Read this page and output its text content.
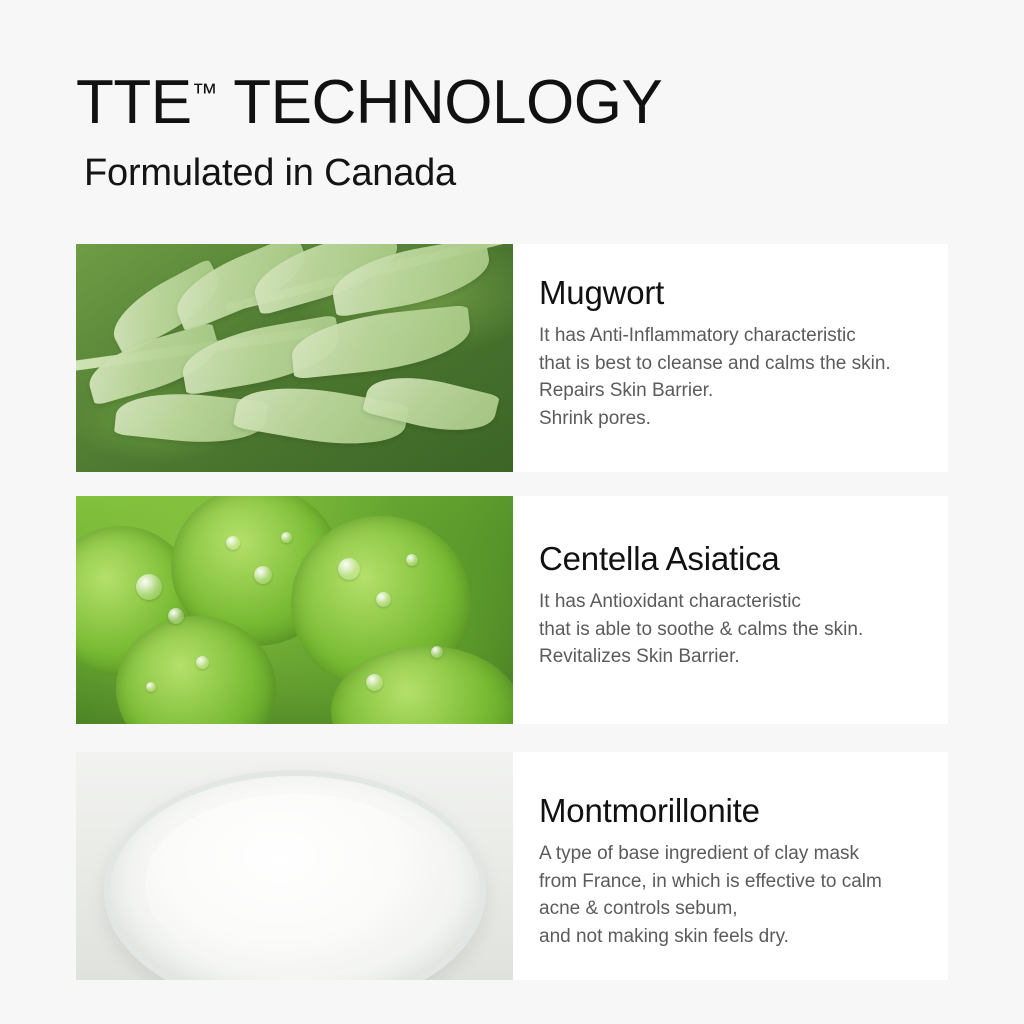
TTE™ TECHNOLOGY
Formulated in Canada
Mugwort

It has Anti-Inflammatory characteristic
that is best to cleanse and calms the skin.
Repairs Skin Barrier.
Shrink pores.

Centella Asiatica

It has Antioxidant characteristic
that is able to soothe & calms the skin.
Revitalizes Skin Barrier.

Montmorillonite

A type of base ingredient of clay mask
from France, in which is effective to calm
acne & controls sebum,
and not making skin feels dry.
